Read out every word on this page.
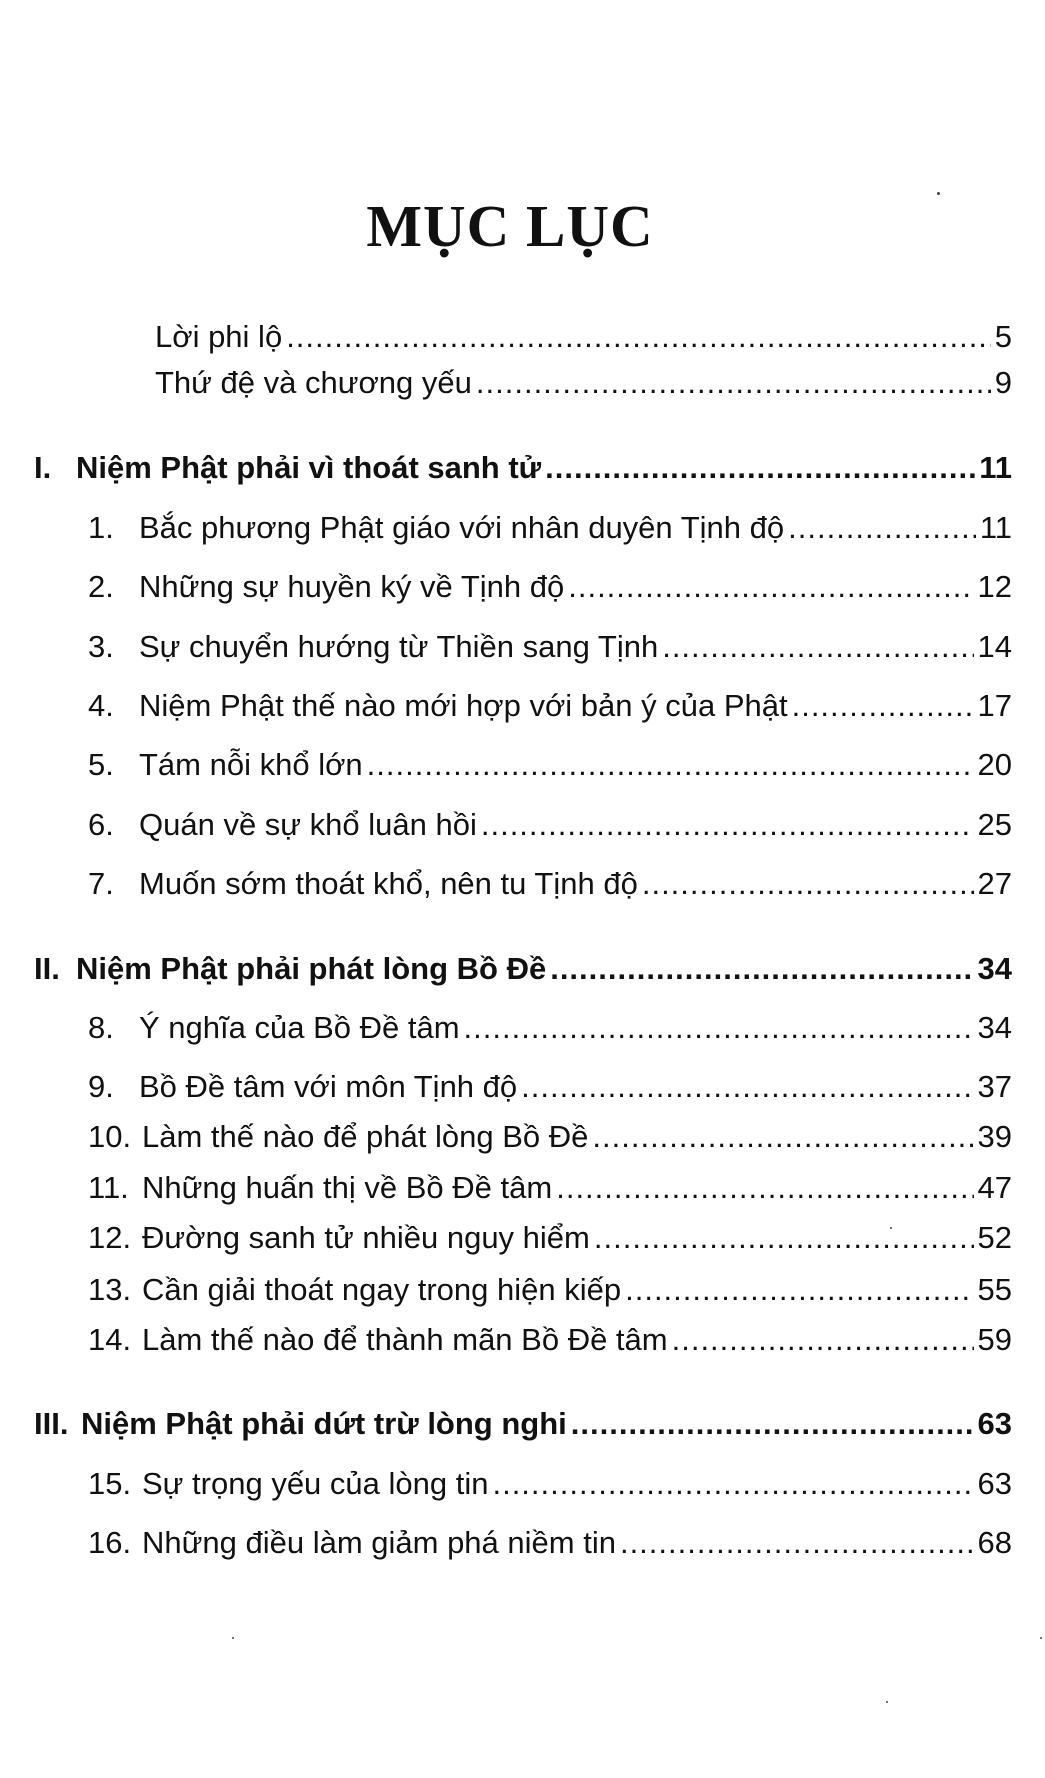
MỤC LỤC
Lời phi lộ .....	5
Thứ đệ và chương yếu .....	9
I. Niệm Phật phải vì thoát sanh tử .....	11
1. Bắc phương Phật giáo với nhân duyên Tịnh độ .....	11
2. Những sự huyền ký về Tịnh độ .....	12
3. Sự chuyển hướng từ Thiền sang Tịnh .....	14
4. Niệm Phật thế nào mới hợp với bản ý của Phật .....	17
5. Tám nỗi khổ lớn .....	20
6. Quán về sự khổ luân hồi .....	25
7. Muốn sớm thoát khổ, nên tu Tịnh độ .....	27
II. Niệm Phật phải phát lòng Bồ Đề .....	34
8. Ý nghĩa của Bồ Đề tâm .....	34
9. Bồ Đề tâm với môn Tịnh độ .....	37
10. Làm thế nào để phát lòng Bồ Đề .....	39
11. Những huấn thị về Bồ Đề tâm .....	47
12. Đường sanh tử nhiều nguy hiểm .....	52
13. Cần giải thoát ngay trong hiện kiếp .....	55
14. Làm thế nào để thành mãn Bồ Đề tâm .....	59
III. Niệm Phật phải dứt trừ lòng nghi .....	63
15. Sự trọng yếu của lòng tin .....	63
16. Những điều làm giảm phá niềm tin .....	68
